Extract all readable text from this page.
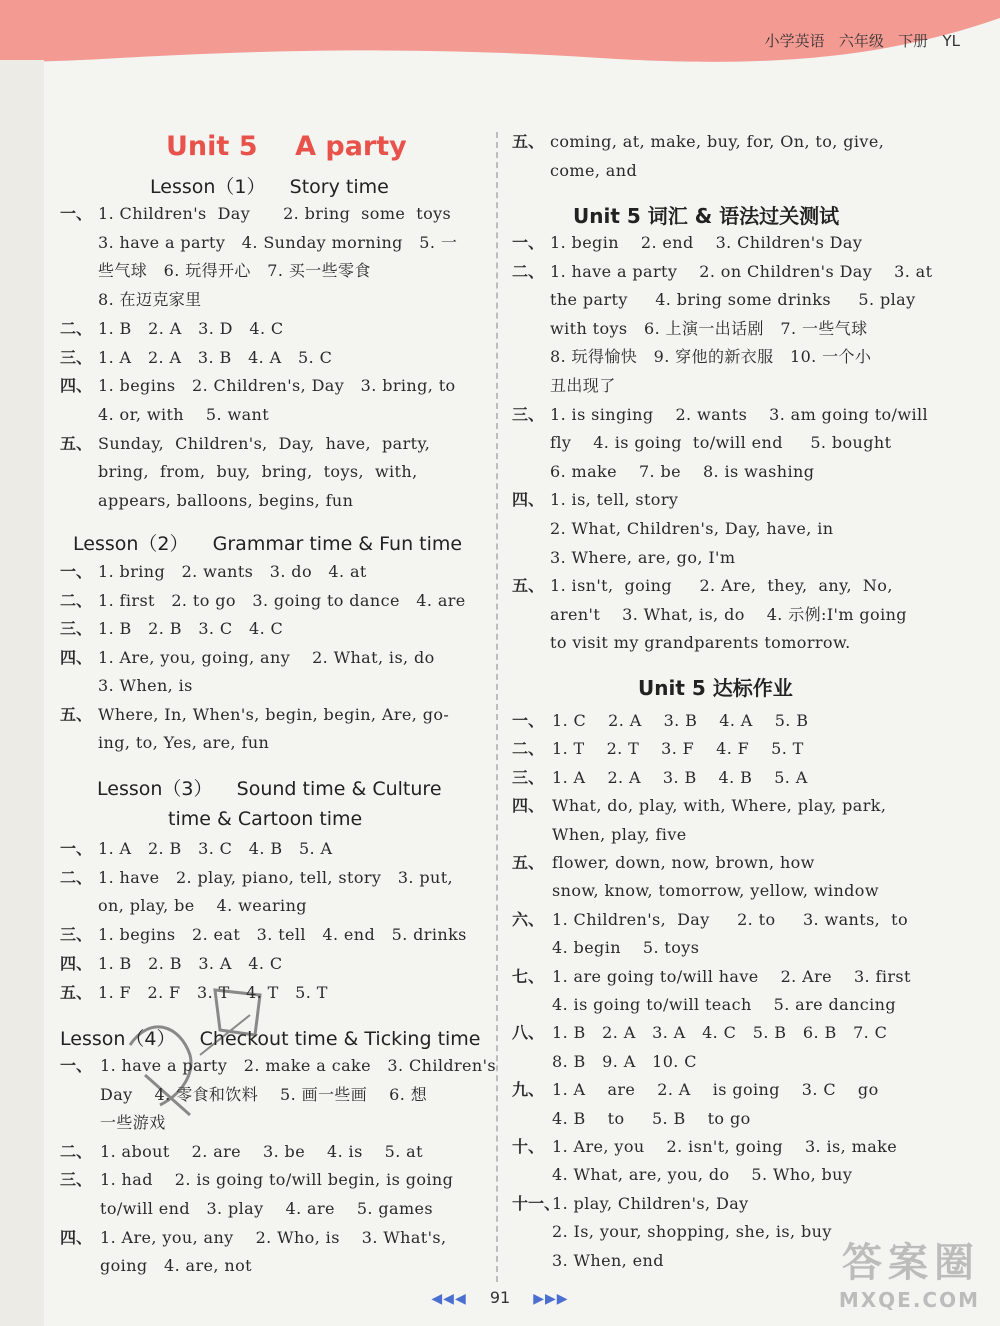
小学英语   六年级   下册   YL
Unit 5    A party
Lesson（1）    Story time
一、 1. Children's  Day      2. bring  some  toys
3. have a party   4. Sunday morning   5. 一
些气球   6. 玩得开心   7. 买一些零食
8. 在迈克家里
二、 1. B   2. A   3. D   4. C
三、 1. A   2. A   3. B   4. A   5. C
四、 1. begins   2. Children's, Day   3. bring, to
4. or, with    5. want
五、 Sunday,  Children's,  Day,  have,  party,
bring,  from,  buy,  bring,  toys,  with,
appears, balloons, begins, fun
Lesson（2）    Grammar time & Fun time
一、 1. bring   2. wants   3. do   4. at
二、 1. first   2. to go   3. going to dance   4. are
三、 1. B   2. B   3. C   4. C
四、 1. Are, you, going, any    2. What, is, do
3. When, is
五、 Where, In, When's, begin, begin, Are, go-
ing, to, Yes, are, fun
Lesson（3）    Sound time & Culture
time & Cartoon time
一、 1. A   2. B   3. C   4. B   5. A
二、 1. have   2. play, piano, tell, story   3. put,
on, play, be    4. wearing
三、 1. begins   2. eat   3. tell   4. end   5. drinks
四、 1. B   2. B   3. A   4. C
五、 1. F   2. F   3. T   4. T   5. T
Lesson（4）    Checkout time & Ticking time
一、 1. have a party   2. make a cake   3. Children's
Day    4. 零食和饮料    5. 画一些画    6. 想
一些游戏
二、 1. about    2. are    3. be    4. is    5. at
三、 1. had    2. is going to/will begin, is going
to/will end   3. play    4. are    5. games
四、 1. Are, you, any    2. Who, is    3. What's,
going   4. are, not
五、 coming, at, make, buy, for, On, to, give,
come, and
Unit 5 词汇 & 语法过关测试
一、 1. begin    2. end    3. Children's Day
二、 1. have a party    2. on Children's Day    3. at
the party     4. bring some drinks     5. play
with toys   6. 上演一出话剧   7. 一些气球
8. 玩得愉快   9. 穿他的新衣服   10. 一个小
丑出现了
三、 1. is singing    2. wants    3. am going to/will
fly    4. is going  to/will end     5. bought
6. make    7. be    8. is washing
四、 1. is, tell, story
2. What, Children's, Day, have, in
3. Where, are, go, I'm
五、 1. isn't,  going     2. Are,  they,  any,  No,
aren't    3. What, is, do    4. 示例:I'm going
to visit my grandparents tomorrow.
Unit 5 达标作业
一、 1. C    2. A    3. B    4. A    5. B
二、 1. T    2. T    3. F    4. F    5. T
三、 1. A    2. A    3. B    4. B    5. A
四、 What, do, play, with, Where, play, park,
When, play, five
五、 flower, down, now, brown, how
snow, know, tomorrow, yellow, window
六、 1. Children's,  Day     2. to     3. wants,  to
4. begin    5. toys
七、 1. are going to/will have    2. Are    3. first
4. is going to/will teach    5. are dancing
八、 1. B   2. A   3. A   4. C   5. B   6. B   7. C
8. B   9. A   10. C
九、 1. A    are    2. A    is going    3. C    go
4. B    to     5. B    to go
十、 1. Are, you    2. isn't, going    3. is, make
4. What, are, you, do    5. Who, buy
十一、
1. play, Children's, Day
2. Is, your, shopping, she, is, buy
3. When, end
◀◀◀ 91 ▶▶▶
答案圈
MXQE.COM
